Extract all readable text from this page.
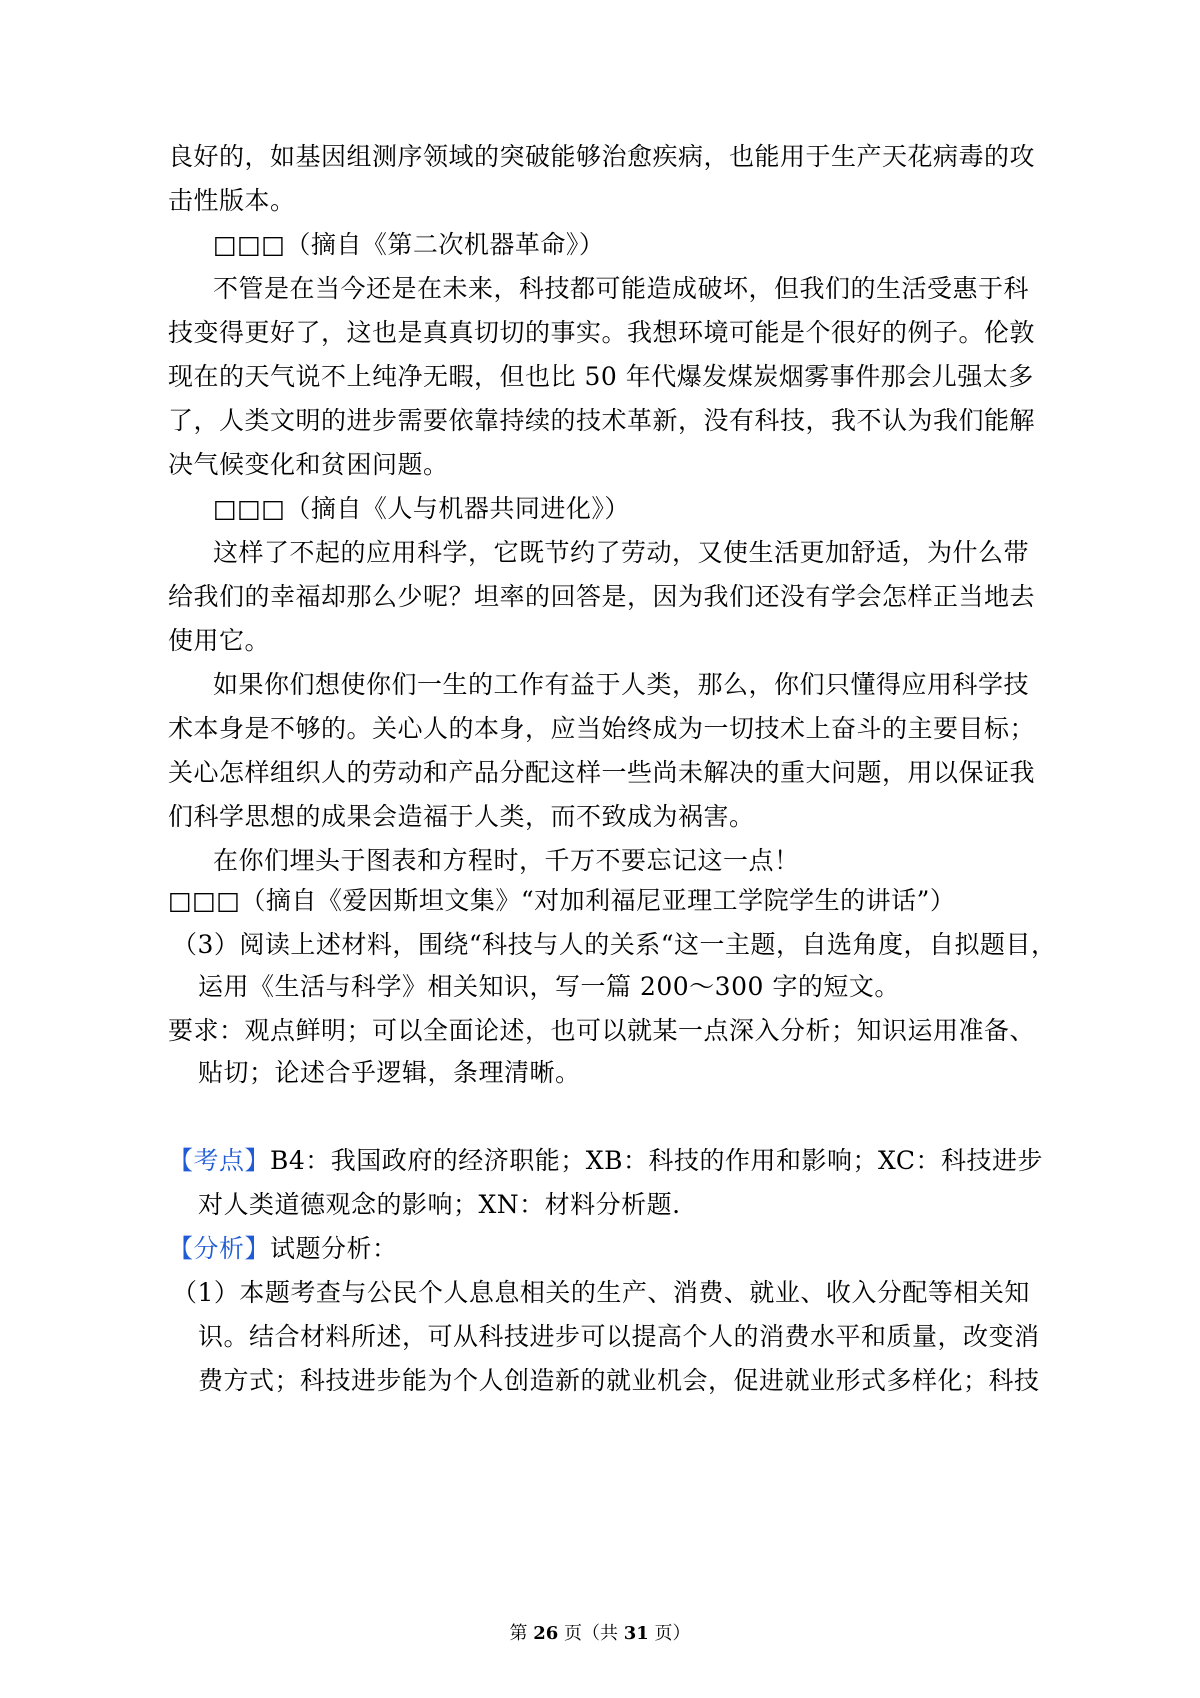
良好的，如基因组测序领域的突破能够治愈疾病，也能用于生产天花病毒的攻
击性版本。
□□□（摘自《第二次机器革命》）
不管是在当今还是在未来，科技都可能造成破坏，但我们的生活受惠于科
技变得更好了，这也是真真切切的事实。我想环境可能是个很好的例子。伦敦
现在的天气说不上纯净无暇，但也比 50 年代爆发煤炭烟雾事件那会儿强太多
了，人类文明的进步需要依靠持续的技术革新，没有科技，我不认为我们能解
决气候变化和贫困问题。
□□□（摘自《人与机器共同进化》）
这样了不起的应用科学，它既节约了劳动，又使生活更加舒适，为什么带
给我们的幸福却那么少呢？坦率的回答是，因为我们还没有学会怎样正当地去
使用它。
如果你们想使你们一生的工作有益于人类，那么，你们只懂得应用科学技
术本身是不够的。关心人的本身，应当始终成为一切技术上奋斗的主要目标；
关心怎样组织人的劳动和产品分配这样一些尚未解决的重大问题，用以保证我
们科学思想的成果会造福于人类，而不致成为祸害。
在你们埋头于图表和方程时，千万不要忘记这一点！
□□□（摘自《爱因斯坦文集》“对加利福尼亚理工学院学生的讲话”）
（3）阅读上述材料，围绕“科技与人的关系“这一主题，自选角度，自拟题目，
运用《生活与科学》相关知识，写一篇 200～300 字的短文。
要求：观点鲜明；可以全面论述，也可以就某一点深入分析；知识运用准备、
贴切；论述合乎逻辑，条理清晰。
【考点】B4：我国政府的经济职能；XB：科技的作用和影响；XC：科技进步
对人类道德观念的影响；XN：材料分析题.
【分析】试题分析：
（1）本题考查与公民个人息息相关的生产、消费、就业、收入分配等相关知
识。结合材料所述，可从科技进步可以提高个人的消费水平和质量，改变消
费方式；科技进步能为个人创造新的就业机会，促进就业形式多样化；科技
第 26 页（共 31 页）
